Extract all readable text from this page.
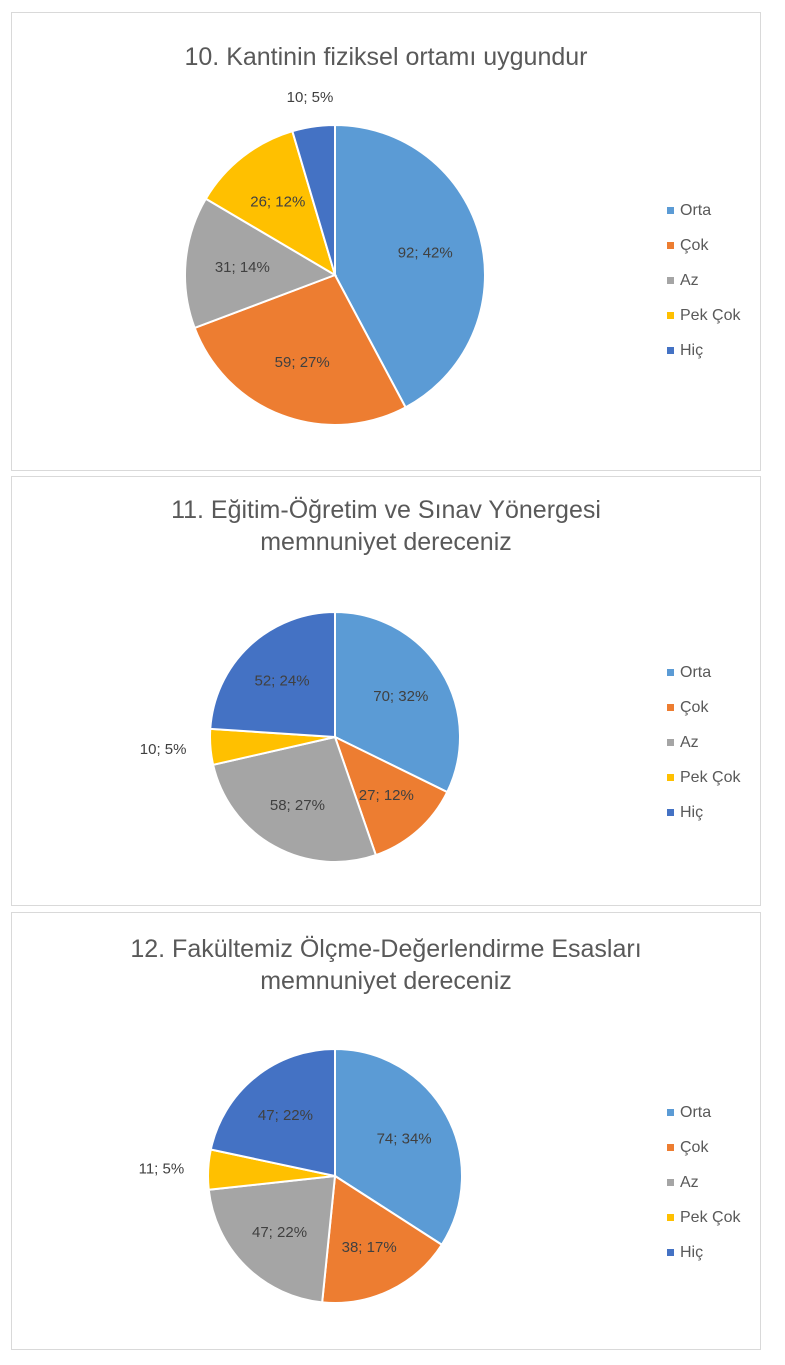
10. Kantinin fiziksel ortamı uygundur
92; 42%
59; 27%
31; 14%
26; 12%
10; 5%
Orta
Çok
Az
Pek Çok
Hiç
11. Eğitim-Öğretim ve Sınav Yönergesi memnuniyet dereceniz
70; 32%
27; 12%
58; 27%
10; 5%
52; 24%
Orta
Çok
Az
Pek Çok
Hiç
12. Fakültemiz Ölçme-Değerlendirme Esasları memnuniyet dereceniz
74; 34%
38; 17%
47; 22%
11; 5%
47; 22%	Orta
Çok
Az
Pek Çok
Hiç
